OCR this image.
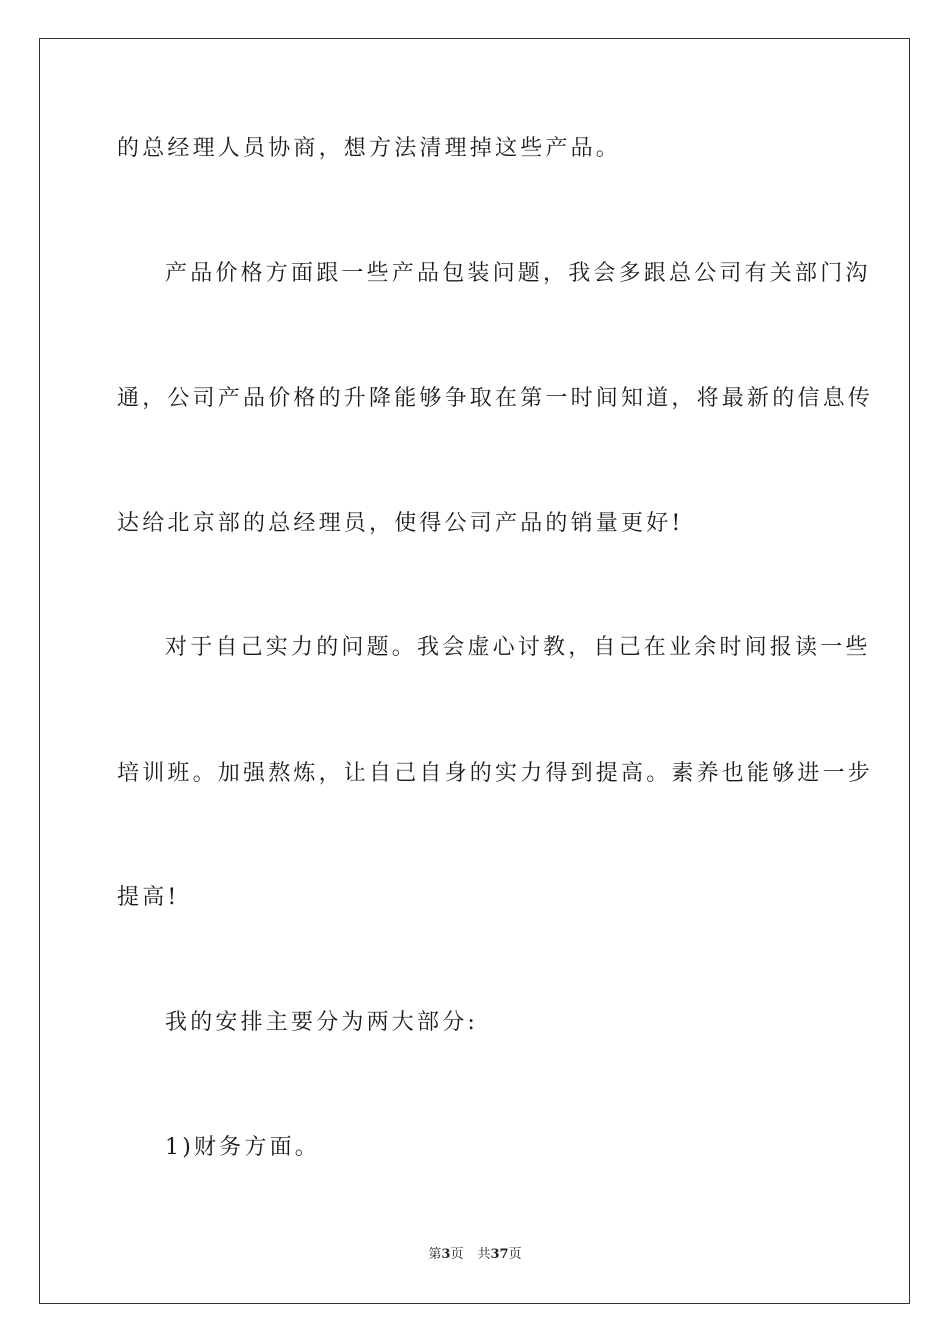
的总经理人员协商，想方法清理掉这些产品。
产品价格方面跟一些产品包装问题，我会多跟总公司有关部门沟
通，公司产品价格的升降能够争取在第一时间知道，将最新的信息传
达给北京部的总经理员，使得公司产品的销量更好!
对于自己实力的问题。我会虚心讨教，自己在业余时间报读一些
培训班。加强熬炼，让自己自身的实力得到提高。素养也能够进一步
提高!
我的安排主要分为两大部分:
1)财务方面。
第3页 共37页
